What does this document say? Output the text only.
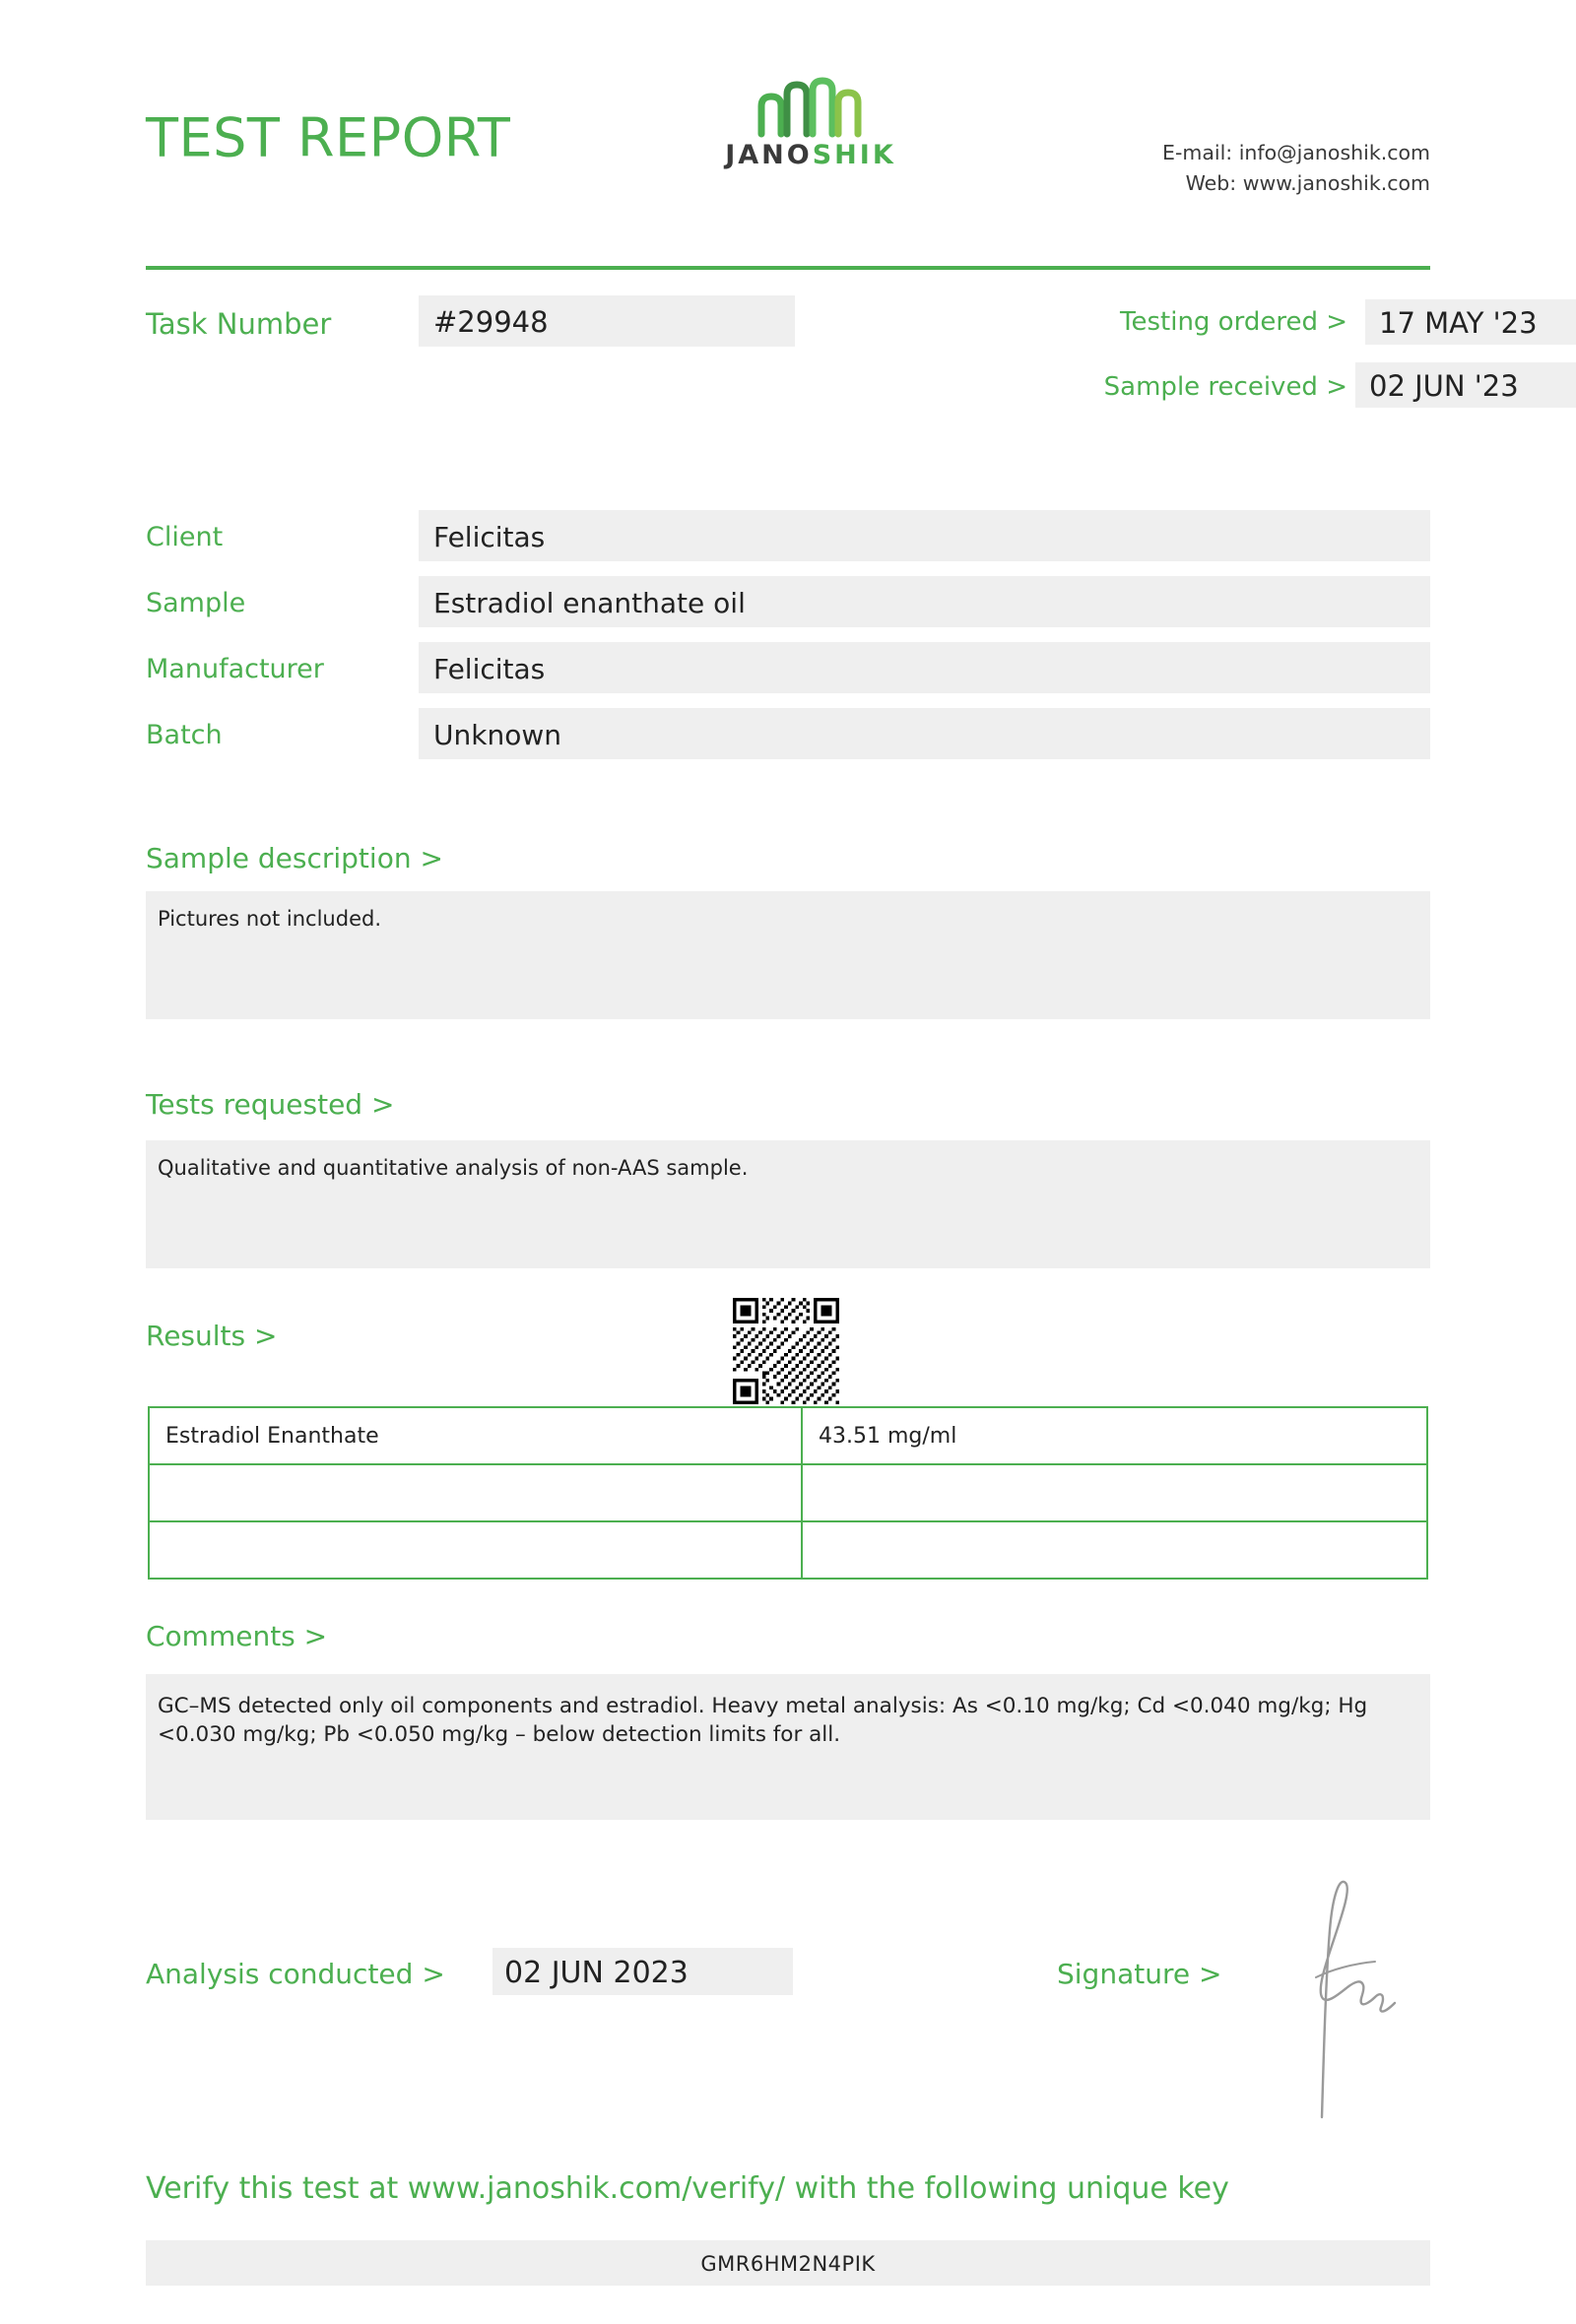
TEST REPORT	JANOSHIK	E-mail: info@janoshik.com
Web: www.janoshik.com
Task Number	#29948	Testing ordered >	17 MAY '23
Sample received > 02 JUN '23
Client	Felicitas
Sample	Estradiol enanthate oil
Manufacturer	Felicitas
Batch	Unknown
Sample description >
Pictures not included.
Tests requested >
Qualitative and quantitative analysis of non-AAS sample.
Results >
Estradiol Enanthate	43.51 mg/ml

Comments >
GC–MS detected only oil components and estradiol. Heavy metal analysis: As <0.10 mg/kg; Cd <0.040 mg/kg; Hg <0.030 mg/kg; Pb <0.050 mg/kg – below detection limits for all.
Analysis conducted >	02 JUN 2023	Signature >
Verify this test at www.janoshik.com/verify/ with the following unique key
GMR6HM2N4PIK
